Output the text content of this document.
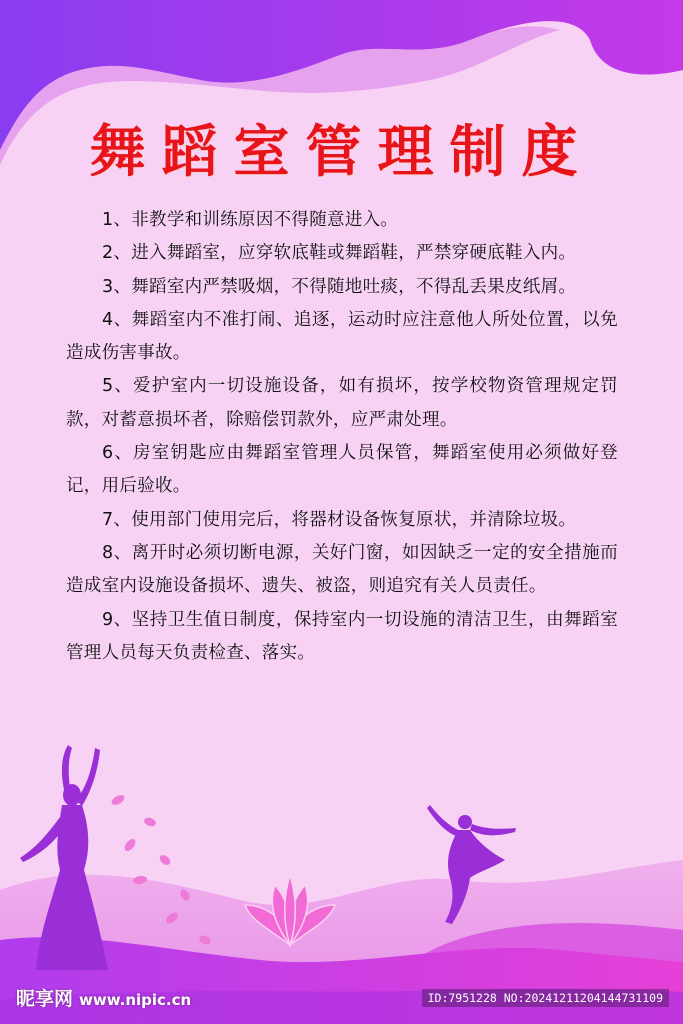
舞蹈室管理制度

1、非教学和训练原因不得随意进入。

2、进入舞蹈室，应穿软底鞋或舞蹈鞋，严禁穿硬底鞋入内。

3、舞蹈室内严禁吸烟，不得随地吐痰，不得乱丢果皮纸屑。

4、舞蹈室内不准打闹、追逐，运动时应注意他人所处位置，以免造成伤害事故。

5、爱护室内一切设施设备，如有损坏，按学校物资管理规定罚款，对蓄意损坏者，除赔偿罚款外，应严肃处理。

6、房室钥匙应由舞蹈室管理人员保管，舞蹈室使用必须做好登记，用后验收。

7、使用部门使用完后，将器材设备恢复原状，并清除垃圾。

8、离开时必须切断电源，关好门窗，如因缺乏一定的安全措施而造成室内设施设备损坏、遗失、被盗，则追究有关人员责任。

9、坚持卫生值日制度，保持室内一切设施的清洁卫生，由舞蹈室管理人员每天负责检查、落实。

昵享网 www.nipic.cn	ID:7951228 NO:20241211204144731109
